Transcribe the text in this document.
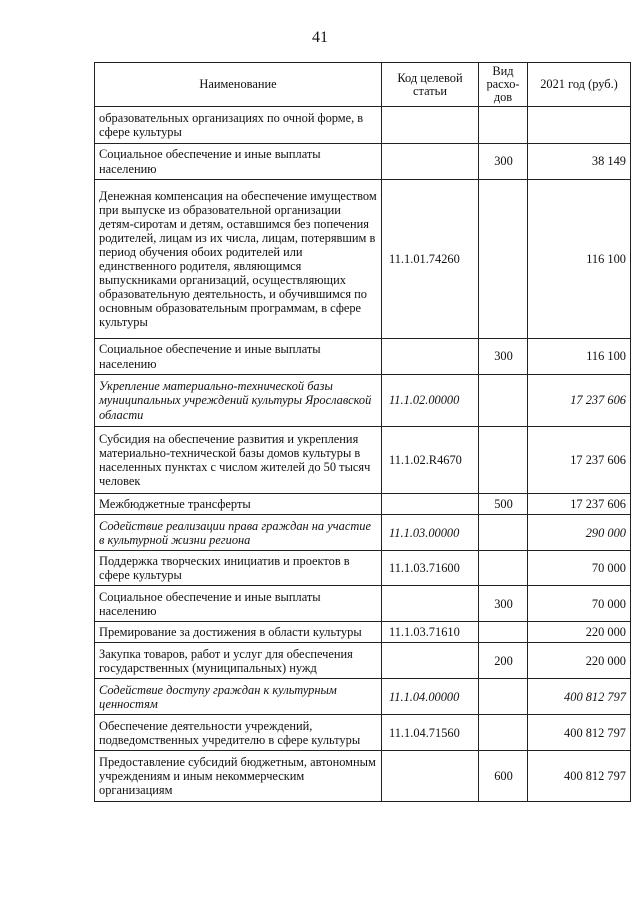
41
Наименование	Код целевой статьи	Вид расхо-дов	2021 год (руб.)
образовательных организациях по очной форме, в сфере культуры			
Социальное обеспечение и иные выплаты населению		300	38 149
Денежная компенсация на обеспечение имуществом при выпуске из образовательной организации детям-сиротам и детям, оставшимся без попечения родителей, лицам из их числа, лицам, потерявшим в период обучения обоих родителей или единственного родителя, являющимся выпускниками организаций, осуществляющих образовательную деятельность, и обучившимся по основным образовательным программам, в сфере культуры	11.1.01.74260		116 100
Социальное обеспечение и иные выплаты населению		300	116 100
Укрепление материально-технической базы муниципальных учреждений культуры Ярославской области	11.1.02.00000		17 237 606
Субсидия на обеспечение развития и укрепления материально-технической базы домов культуры в населенных пунктах с числом жителей до 50 тысяч человек	11.1.02.R4670		17 237 606
Межбюджетные трансферты		500	17 237 606
Содействие реализации права граждан на участие в культурной жизни региона	11.1.03.00000		290 000
Поддержка творческих инициатив и проектов в сфере культуры	11.1.03.71600		70 000
Социальное обеспечение и иные выплаты населению		300	70 000
Премирование за достижения в области культуры	11.1.03.71610		220 000
Закупка товаров, работ и услуг для обеспечения государственных (муниципальных) нужд		200	220 000
Содействие доступу граждан к культурным ценностям	11.1.04.00000		400 812 797
Обеспечение деятельности учреждений, подведомственных учредителю в сфере культуры	11.1.04.71560		400 812 797
Предоставление субсидий бюджетным, автономным учреждениям и иным некоммерческим организациям		600	400 812 797
